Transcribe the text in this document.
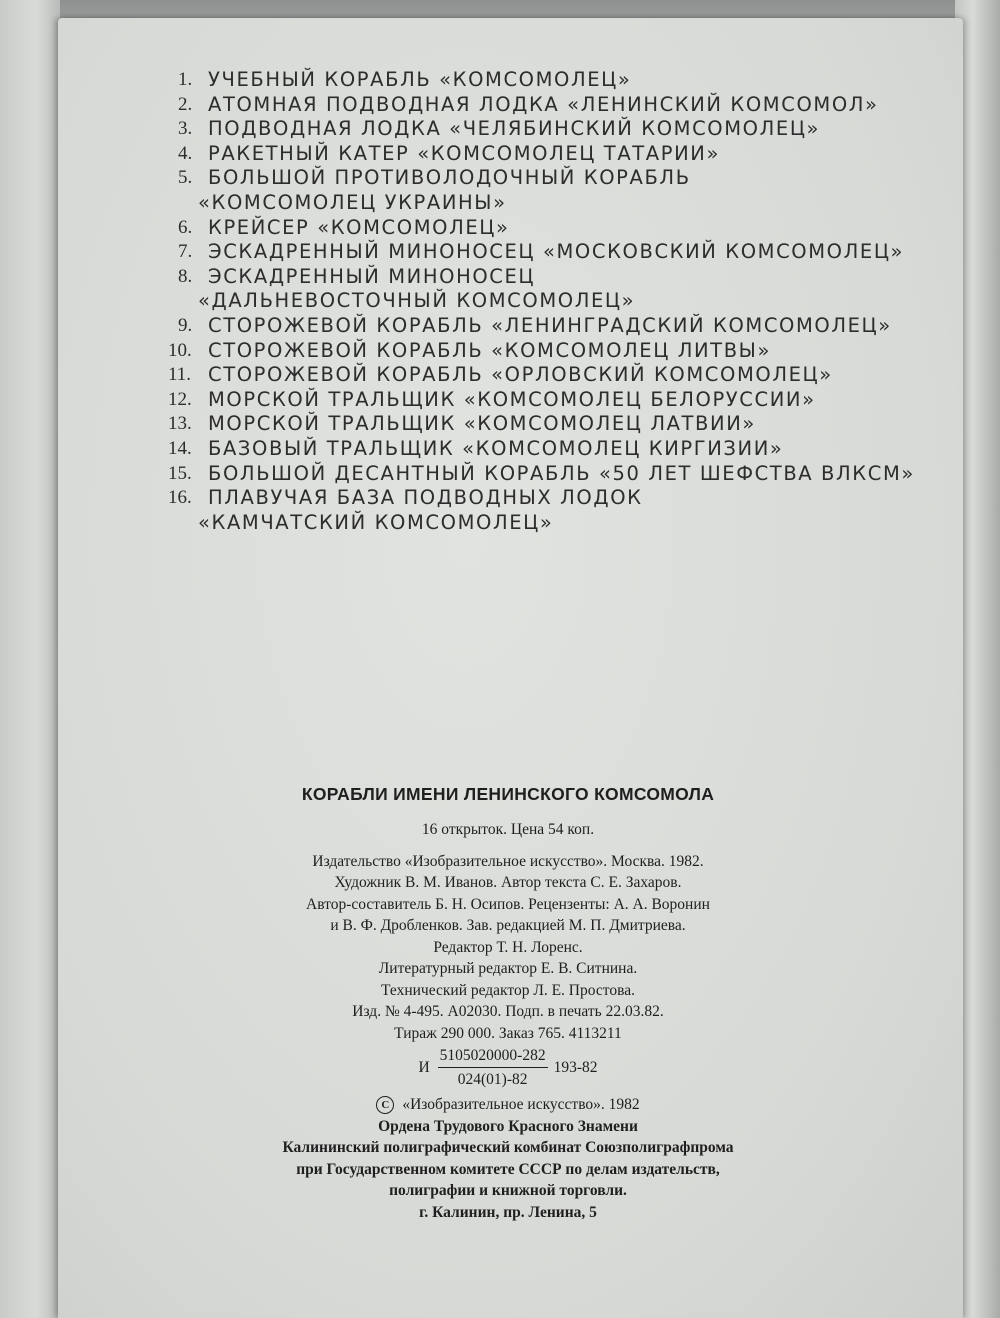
1. УЧЕБНЫЙ КОРАБЛЬ «КОМСОМОЛЕЦ»
2. АТОМНАЯ ПОДВОДНАЯ ЛОДКА «ЛЕНИНСКИЙ КОМСОМОЛ»
3. ПОДВОДНАЯ ЛОДКА «ЧЕЛЯБИНСКИЙ КОМСОМОЛЕЦ»
4. РАКЕТНЫЙ КАТЕР «КОМСОМОЛЕЦ ТАТАРИИ»
5. БОЛЬШОЙ ПРОТИВОЛОДОЧНЫЙ КОРАБЛЬ
«КОМСОМОЛЕЦ УКРАИНЫ»
6. КРЕЙСЕР «КОМСОМОЛЕЦ»
7. ЭСКАДРЕННЫЙ МИНОНОСЕЦ «МОСКОВСКИЙ КОМСОМОЛЕЦ»
8. ЭСКАДРЕННЫЙ МИНОНОСЕЦ
«ДАЛЬНЕВОСТОЧНЫЙ КОМСОМОЛЕЦ»
9. СТОРОЖЕВОЙ КОРАБЛЬ «ЛЕНИНГРАДСКИЙ КОМСОМОЛЕЦ»
10. СТОРОЖЕВОЙ КОРАБЛЬ «КОМСОМОЛЕЦ ЛИТВЫ»
11. СТОРОЖЕВОЙ КОРАБЛЬ «ОРЛОВСКИЙ КОМСОМОЛЕЦ»
12. МОРСКОЙ ТРАЛЬЩИК «КОМСОМОЛЕЦ БЕЛОРУССИИ»
13. МОРСКОЙ ТРАЛЬЩИК «КОМСОМОЛЕЦ ЛАТВИИ»
14. БАЗОВЫЙ ТРАЛЬЩИК «КОМСОМОЛЕЦ КИРГИЗИИ»
15. БОЛЬШОЙ ДЕСАНТНЫЙ КОРАБЛЬ «50 ЛЕТ ШЕФСТВА ВЛКСМ»
16. ПЛАВУЧАЯ БАЗА ПОДВОДНЫХ ЛОДОК
«КАМЧАТСКИЙ КОМСОМОЛЕЦ»
КОРАБЛИ ИМЕНИ ЛЕНИНСКОГО КОМСОМОЛА
16 открыток. Цена 54 коп.
Издательство «Изобразительное искусство». Москва. 1982.
Художник В. М. Иванов. Автор текста С. Е. Захаров.
Автор-составитель Б. Н. Осипов. Рецензенты: А. А. Воронин
и В. Ф. Дробленков. Зав. редакцией М. П. Дмитриева.
Редактор Т. Н. Лоренс.
Литературный редактор Е. В. Ситнина.
Технический редактор Л. Е. Простова.
Изд. № 4-495. А02030. Подп. в печать 22.03.82.
Тираж 290 000. Заказ 765. 4113211
И $\frac{5105020000-282}{024(01)-82} 193-82$
C «Изобразительное искусство». 1982
Ордена Трудового Красного Знамени
Калининский полиграфический комбинат Союзполиграфпрома
при Государственном комитете СССР по делам издательств,
полиграфии и книжной торговли.
г. Калинин, пр. Ленина, 5
